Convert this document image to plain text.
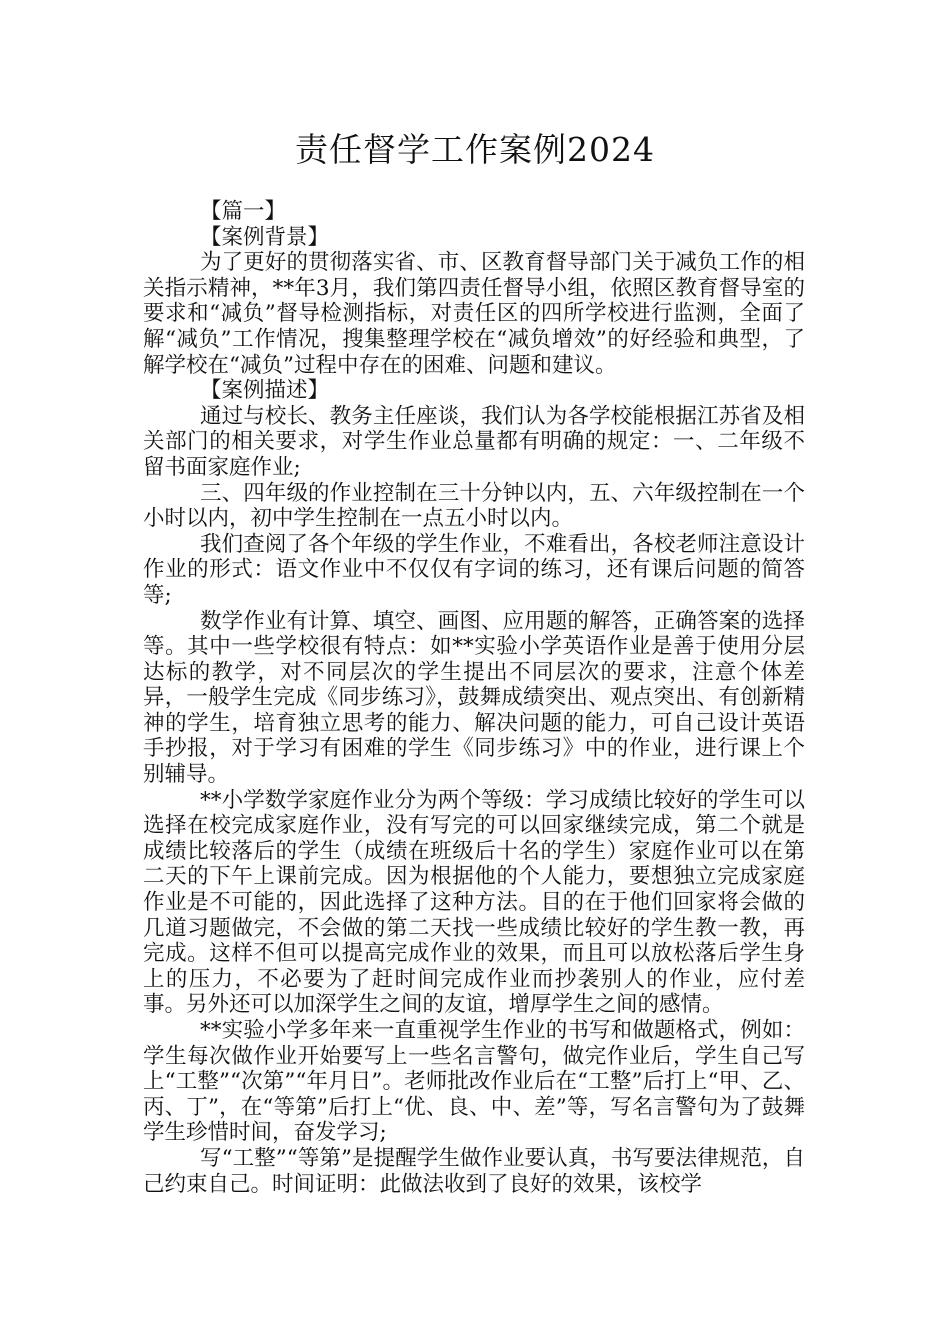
责任督学工作案例2024

【篇一】

【案例背景】

为了更好的贯彻落实省、市、区教育督导部门关于减负工作的相关指示精神，**年3月，我们第四责任督导小组，依照区教育督导室的要求和“减负”督导检测指标，对责任区的四所学校进行监测，全面了解“减负”工作情况，搜集整理学校在“减负增效”的好经验和典型，了解学校在“减负”过程中存在的困难、问题和建议。

【案例描述】

通过与校长、教务主任座谈，我们认为各学校能根据江苏省及相关部门的相关要求，对学生作业总量都有明确的规定：一、二年级不留书面家庭作业;

三、四年级的作业控制在三十分钟以内，五、六年级控制在一个小时以内，初中学生控制在一点五小时以内。

我们查阅了各个年级的学生作业，不难看出，各校老师注意设计作业的形式：语文作业中不仅仅有字词的练习，还有课后问题的简答等;

数学作业有计算、填空、画图、应用题的解答，正确答案的选择等。其中一些学校很有特点：如**实验小学英语作业是善于使用分层达标的教学，对不同层次的学生提出不同层次的要求，注意个体差异，一般学生完成《同步练习》，鼓舞成绩突出、观点突出、有创新精神的学生，培育独立思考的能力、解决问题的能力，可自己设计英语手抄报，对于学习有困难的学生《同步练习》中的作业，进行课上个别辅导。

**小学数学家庭作业分为两个等级：学习成绩比较好的学生可以选择在校完成家庭作业，没有写完的可以回家继续完成，第二个就是成绩比较落后的学生（成绩在班级后十名的学生）家庭作业可以在第二天的下午上课前完成。因为根据他的个人能力，要想独立完成家庭作业是不可能的，因此选择了这种方法。目的在于他们回家将会做的几道习题做完，不会做的第二天找一些成绩比较好的学生教一教，再完成。这样不但可以提高完成作业的效果，而且可以放松落后学生身上的压力，不必要为了赶时间完成作业而抄袭别人的作业，应付差事。另外还可以加深学生之间的友谊，增厚学生之间的感情。

**实验小学多年来一直重视学生作业的书写和做题格式，例如：学生每次做作业开始要写上一些名言警句，做完作业后，学生自己写上“工整”“次第”“年月日”。老师批改作业后在“工整”后打上“甲、乙、丙、丁”，在“等第”后打上“优、良、中、差”等，写名言警句为了鼓舞学生珍惜时间，奋发学习;

写“工整”“等第”是提醒学生做作业要认真，书写要法律规范，自己约束自己。时间证明：此做法收到了良好的效果，该校学
